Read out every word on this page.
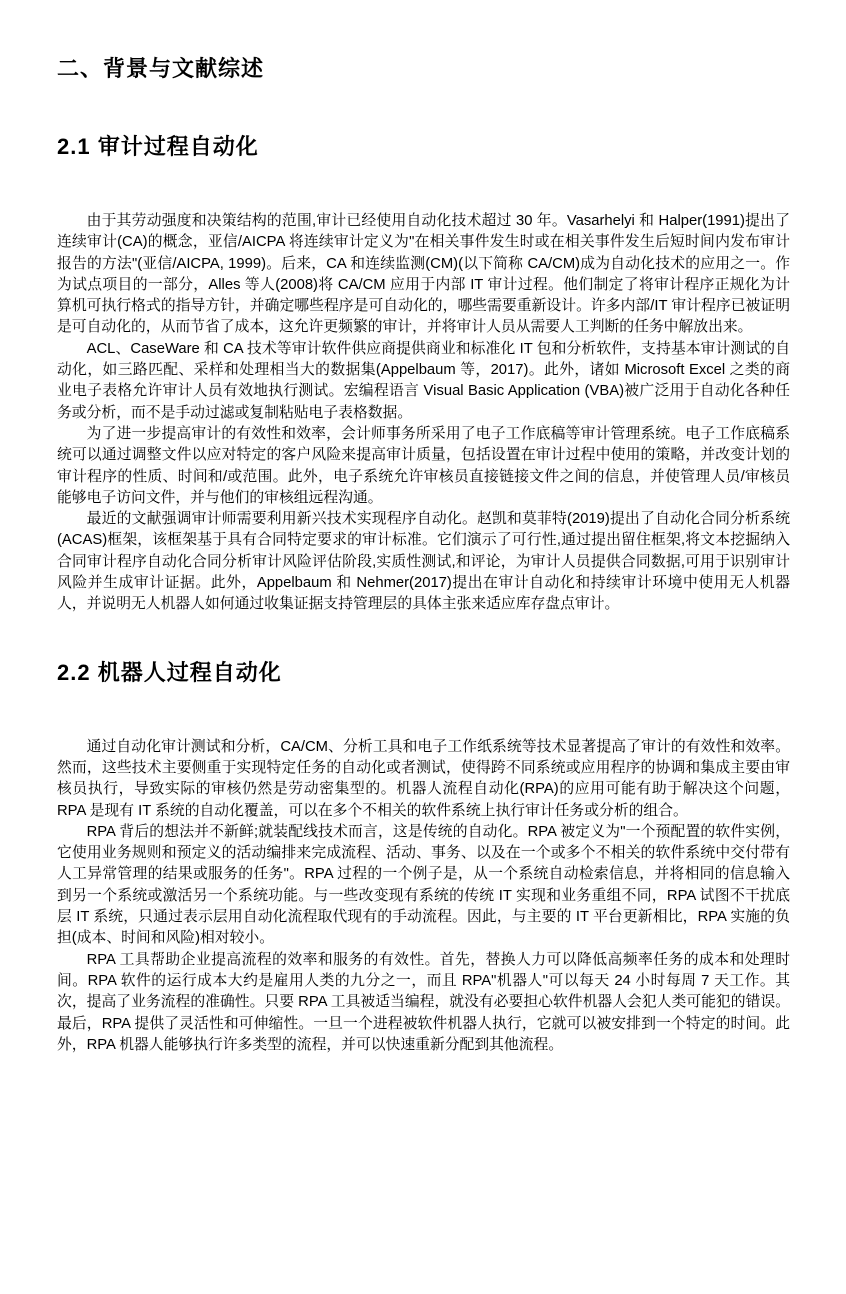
二、背景与文献综述
2.1 审计过程自动化

由于其劳动强度和决策结构的范围,审计已经使用自动化技术超过 30 年。Vasarhelyi 和 Halper(1991)提出了连续审计(CA)的概念，亚信/AICPA 将连续审计定义为"在相关事件发生时或在相关事件发生后短时间内发布审计报告的方法"(亚信/AICPA, 1999)。后来，CA 和连续监测(CM)(以下简称 CA/CM)成为自动化技术的应用之一。作为试点项目的一部分，Alles 等人(2008)将 CA/CM 应用于内部 IT 审计过程。他们制定了将审计程序正规化为计算机可执行格式的指导方针，并确定哪些程序是可自动化的，哪些需要重新设计。许多内部/IT 审计程序已被证明是可自动化的，从而节省了成本，这允许更频繁的审计，并将审计人员从需要人工判断的任务中解放出来。

ACL、CaseWare 和 CA 技术等审计软件供应商提供商业和标准化 IT 包和分析软件，支持基本审计测试的自动化，如三路匹配、采样和处理相当大的数据集(Appelbaum 等，2017)。此外，诸如 Microsoft Excel 之类的商业电子表格允许审计人员有效地执行测试。宏编程语言 Visual Basic Application (VBA)被广泛用于自动化各种任务或分析，而不是手动过滤或复制粘贴电子表格数据。

为了进一步提高审计的有效性和效率，会计师事务所采用了电子工作底稿等审计管理系统。电子工作底稿系统可以通过调整文件以应对特定的客户风险来提高审计质量，包括设置在审计过程中使用的策略，并改变计划的审计程序的性质、时间和/或范围。此外，电子系统允许审核员直接链接文件之间的信息，并使管理人员/审核员能够电子访问文件，并与他们的审核组远程沟通。

最近的文献强调审计师需要利用新兴技术实现程序自动化。赵凯和莫菲特(2019)提出了自动化合同分析系统(ACAS)框架，该框架基于具有合同特定要求的审计标准。它们演示了可行性,通过提出留住框架,将文本挖掘纳入合同审计程序自动化合同分析审计风险评估阶段,实质性测试,和评论，为审计人员提供合同数据,可用于识别审计风险并生成审计证据。此外，Appelbaum 和 Nehmer(2017)提出在审计自动化和持续审计环境中使用无人机器人，并说明无人机器人如何通过收集证据支持管理层的具体主张来适应库存盘点审计。

2.2 机器人过程自动化

通过自动化审计测试和分析，CA/CM、分析工具和电子工作纸系统等技术显著提高了审计的有效性和效率。然而，这些技术主要侧重于实现特定任务的自动化或者测试，使得跨不同系统或应用程序的协调和集成主要由审核员执行，导致实际的审核仍然是劳动密集型的。机器人流程自动化(RPA)的应用可能有助于解决这个问题，RPA 是现有 IT 系统的自动化覆盖，可以在多个不相关的软件系统上执行审计任务或分析的组合。

RPA 背后的想法并不新鲜;就装配线技术而言，这是传统的自动化。RPA 被定义为"一个预配置的软件实例，它使用业务规则和预定义的活动编排来完成流程、活动、事务、以及在一个或多个不相关的软件系统中交付带有人工异常管理的结果或服务的任务"。RPA 过程的一个例子是，从一个系统自动检索信息，并将相同的信息输入到另一个系统或激活另一个系统功能。与一些改变现有系统的传统 IT 实现和业务重组不同，RPA 试图不干扰底层 IT 系统，只通过表示层用自动化流程取代现有的手动流程。因此，与主要的 IT 平台更新相比，RPA 实施的负担(成本、时间和风险)相对较小。

RPA 工具帮助企业提高流程的效率和服务的有效性。首先，替换人力可以降低高频率任务的成本和处理时间。RPA 软件的运行成本大约是雇用人类的九分之一，而且 RPA"机器人"可以每天 24 小时每周 7 天工作。其次，提高了业务流程的准确性。只要 RPA 工具被适当编程，就没有必要担心软件机器人会犯人类可能犯的错误。最后，RPA 提供了灵活性和可伸缩性。一旦一个进程被软件机器人执行，它就可以被安排到一个特定的时间。此外，RPA 机器人能够执行许多类型的流程，并可以快速重新分配到其他流程。
